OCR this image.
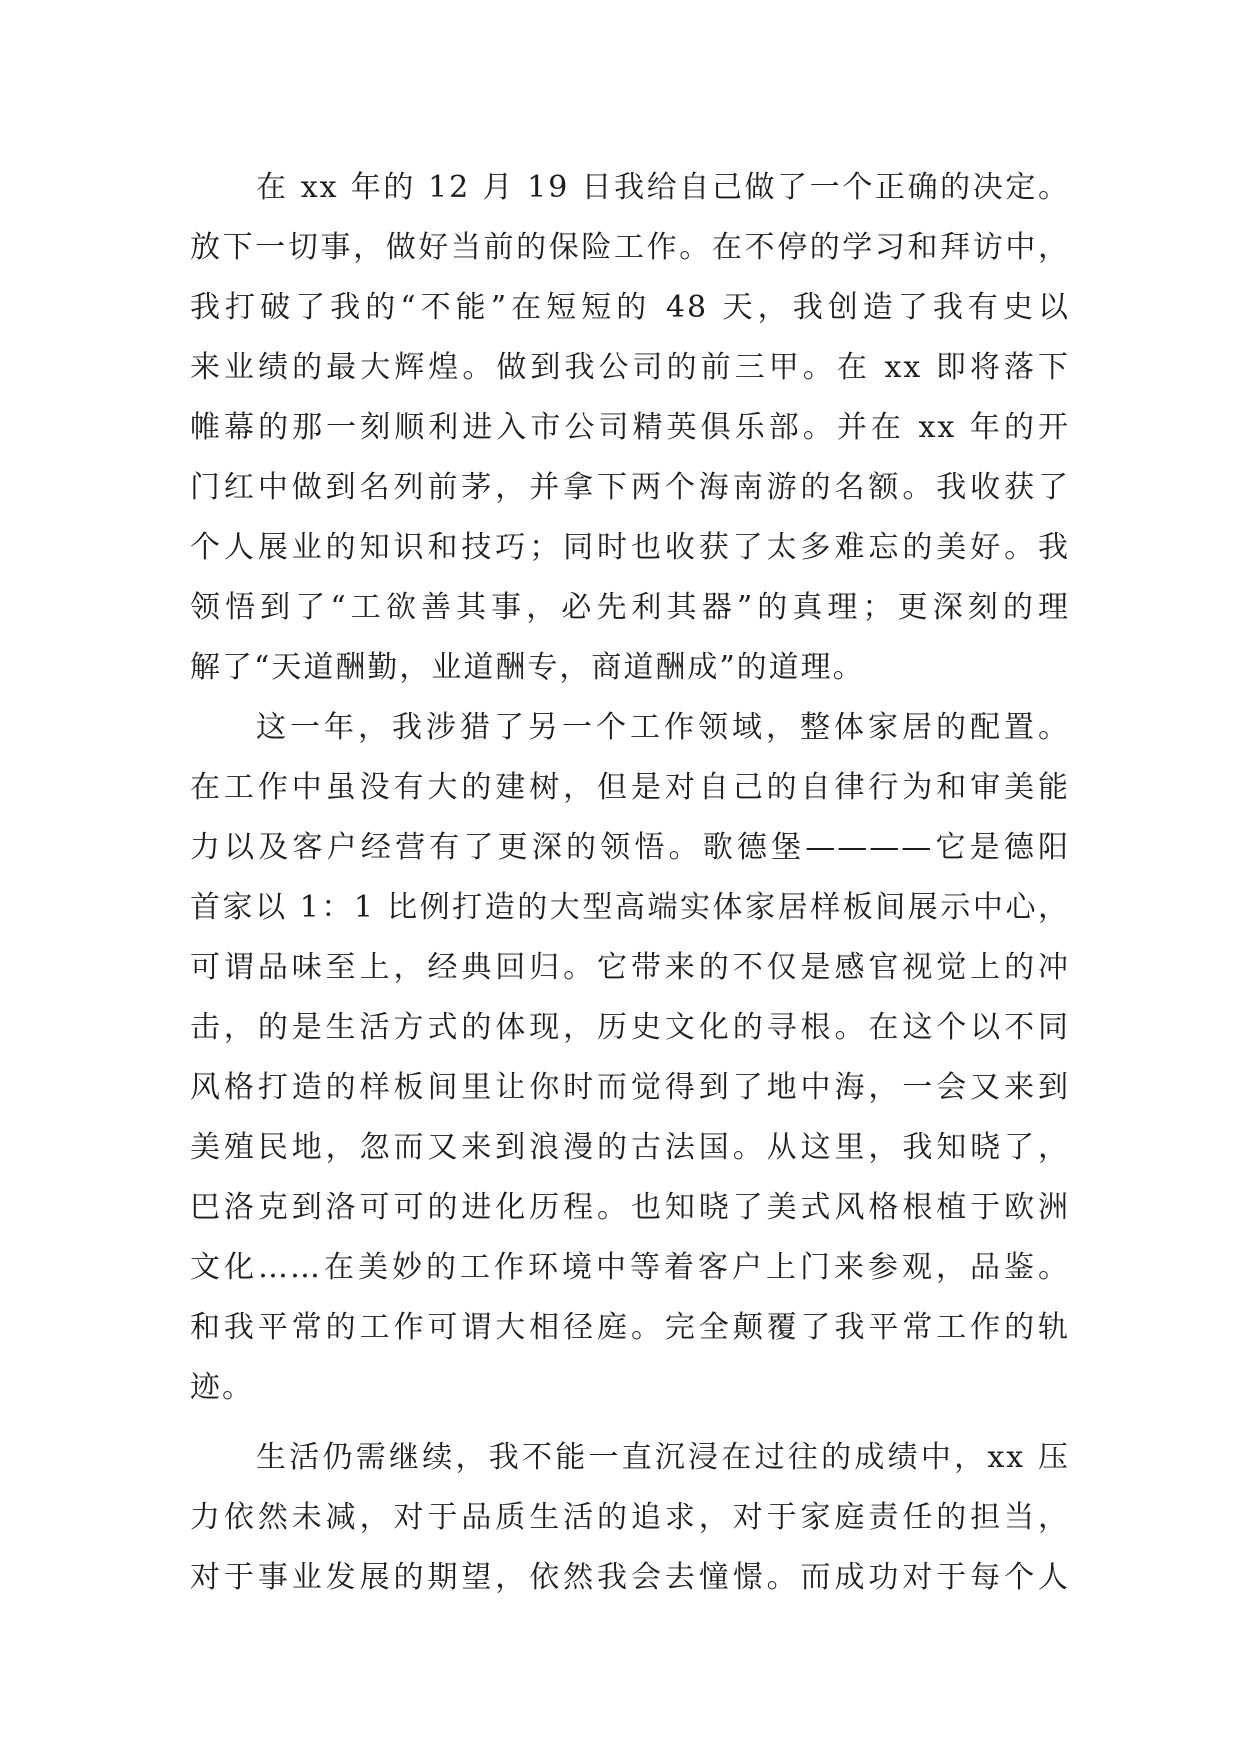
在 xx 年的 12 月 19 日我给自己做了一个正确的决定。
放下一切事，做好当前的保险工作。在不停的学习和拜访中，
我打破了我的“不能”在短短的 48 天，我创造了我有史以
来业绩的最大辉煌。做到我公司的前三甲。在 xx 即将落下
帷幕的那一刻顺利进入市公司精英俱乐部。并在 xx 年的开
门红中做到名列前茅，并拿下两个海南游的名额。我收获了
个人展业的知识和技巧；同时也收获了太多难忘的美好。我
领悟到了“工欲善其事，必先利其器”的真理；更深刻的理
解了“天道酬勤，业道酬专，商道酬成”的道理。
这一年，我涉猎了另一个工作领域，整体家居的配置。
在工作中虽没有大的建树，但是对自己的自律行为和审美能
力以及客户经营有了更深的领悟。歌德堡————它是德阳
首家以 1：1 比例打造的大型高端实体家居样板间展示中心，
可谓品味至上，经典回归。它带来的不仅是感官视觉上的冲
击，的是生活方式的体现，历史文化的寻根。在这个以不同
风格打造的样板间里让你时而觉得到了地中海，一会又来到
美殖民地，忽而又来到浪漫的古法国。从这里，我知晓了，
巴洛克到洛可可的进化历程。也知晓了美式风格根植于欧洲
文化……在美妙的工作环境中等着客户上门来参观，品鉴。
和我平常的工作可谓大相径庭。完全颠覆了我平常工作的轨
迹。
生活仍需继续，我不能一直沉浸在过往的成绩中，xx 压
力依然未减，对于品质生活的追求，对于家庭责任的担当，
对于事业发展的期望，依然我会去憧憬。而成功对于每个人
